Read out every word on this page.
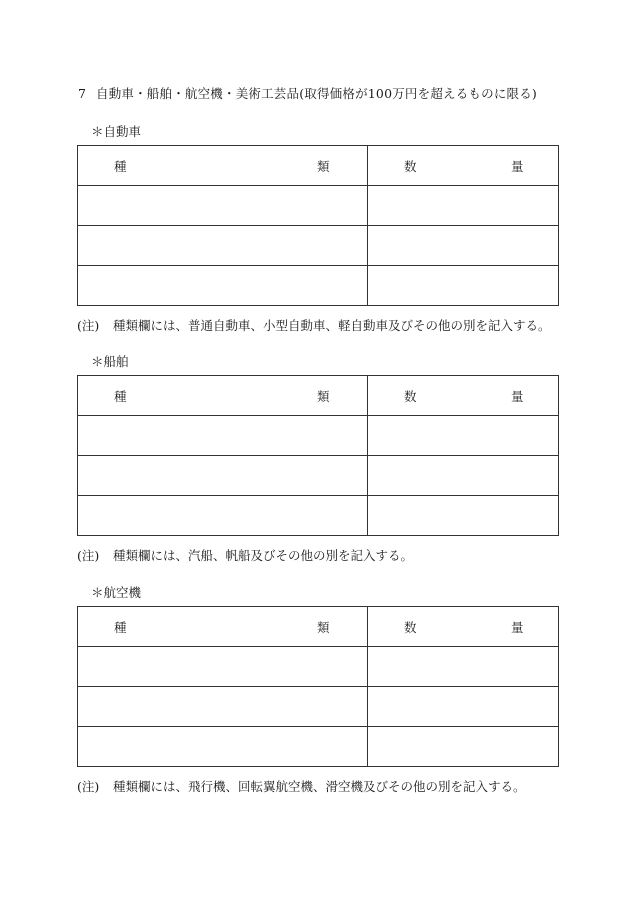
7 自動車・船舶・航空機・美術工芸品(取得価格が100万円を超えるものに限る)
＊自動車
種 類	数 量

(注) 種類欄には、普通自動車、小型自動車、軽自動車及びその他の別を記入する。
＊船舶
種 類	数 量

(注) 種類欄には、汽船、帆船及びその他の別を記入する。
＊航空機
種 類	数 量

(注) 種類欄には、飛行機、回転翼航空機、滑空機及びその他の別を記入する。
